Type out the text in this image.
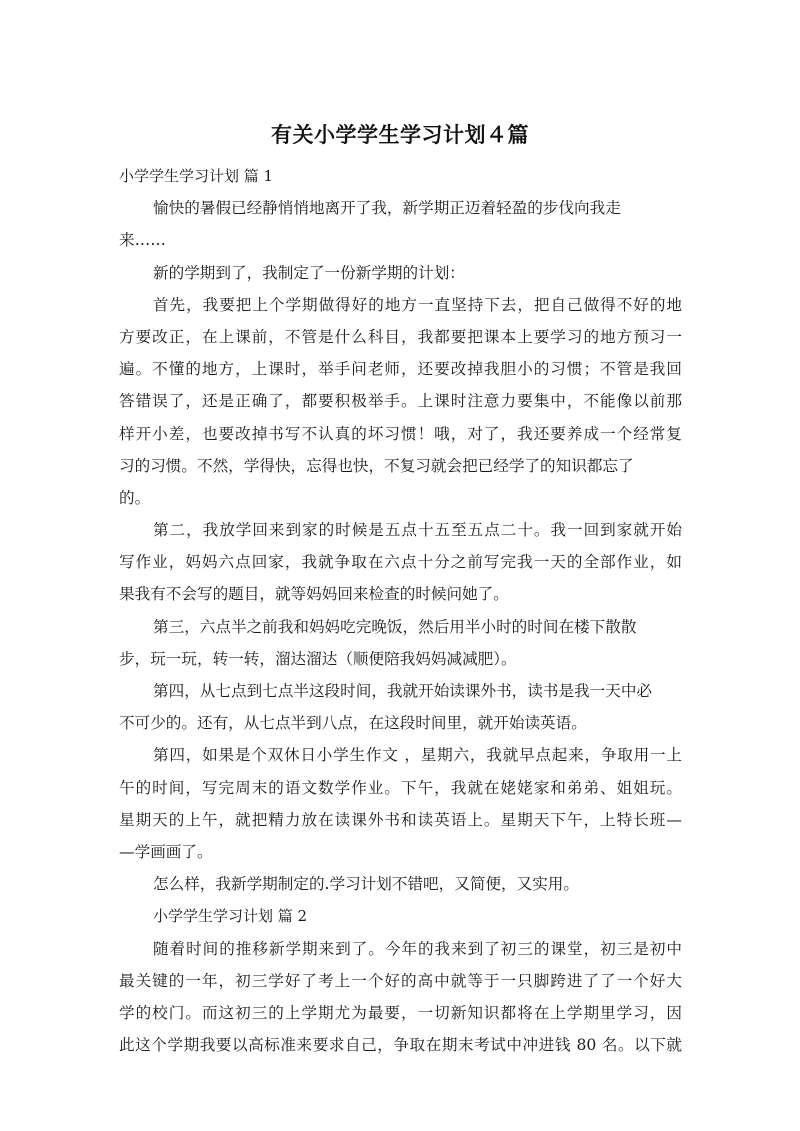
有关小学学生学习计划４篇
小学学生学习计划 篇 1
愉快的暑假已经静悄悄地离开了我，新学期正迈着轻盈的步伐向我走
来……
新的学期到了，我制定了一份新学期的计划：
首先，我要把上个学期做得好的地方一直坚持下去，把自己做得不好的地
方要改正，在上课前，不管是什么科目，我都要把课本上要学习的地方预习一
遍。不懂的地方，上课时，举手问老师，还要改掉我胆小的习惯；不管是我回
答错误了，还是正确了，都要积极举手。上课时注意力要集中，不能像以前那
样开小差，也要改掉书写不认真的坏习惯！哦，对了，我还要养成一个经常复
习的习惯。不然，学得快，忘得也快，不复习就会把已经学了的知识都忘了
的。
第二，我放学回来到家的时候是五点十五至五点二十。我一回到家就开始
写作业，妈妈六点回家，我就争取在六点十分之前写完我一天的全部作业，如
果我有不会写的题目，就等妈妈回来检查的时候问她了。
第三，六点半之前我和妈妈吃完晚饭，然后用半小时的时间在楼下散散
步，玩一玩，转一转，溜达溜达（顺便陪我妈妈减减肥）。
第四，从七点到七点半这段时间，我就开始读课外书，读书是我一天中必
不可少的。还有，从七点半到八点，在这段时间里，就开始读英语。
第四，如果是个双休日小学生作文 ，星期六，我就早点起来，争取用一上
午的时间，写完周末的语文数学作业。下午，我就在姥姥家和弟弟、姐姐玩。
星期天的上午，就把精力放在读课外书和读英语上。星期天下午，上特长班—
—学画画了。
怎么样，我新学期制定的.学习计划不错吧，又简便，又实用。
小学学生学习计划 篇 2
随着时间的推移新学期来到了。今年的我来到了初三的课堂，初三是初中
最关键的一年，初三学好了考上一个好的高中就等于一只脚跨进了了一个好大
学的校门。而这初三的上学期尤为最要，一切新知识都将在上学期里学习，因
此这个学期我要以高标准来要求自己，争取在期末考试中冲进钱 80 名。以下就
